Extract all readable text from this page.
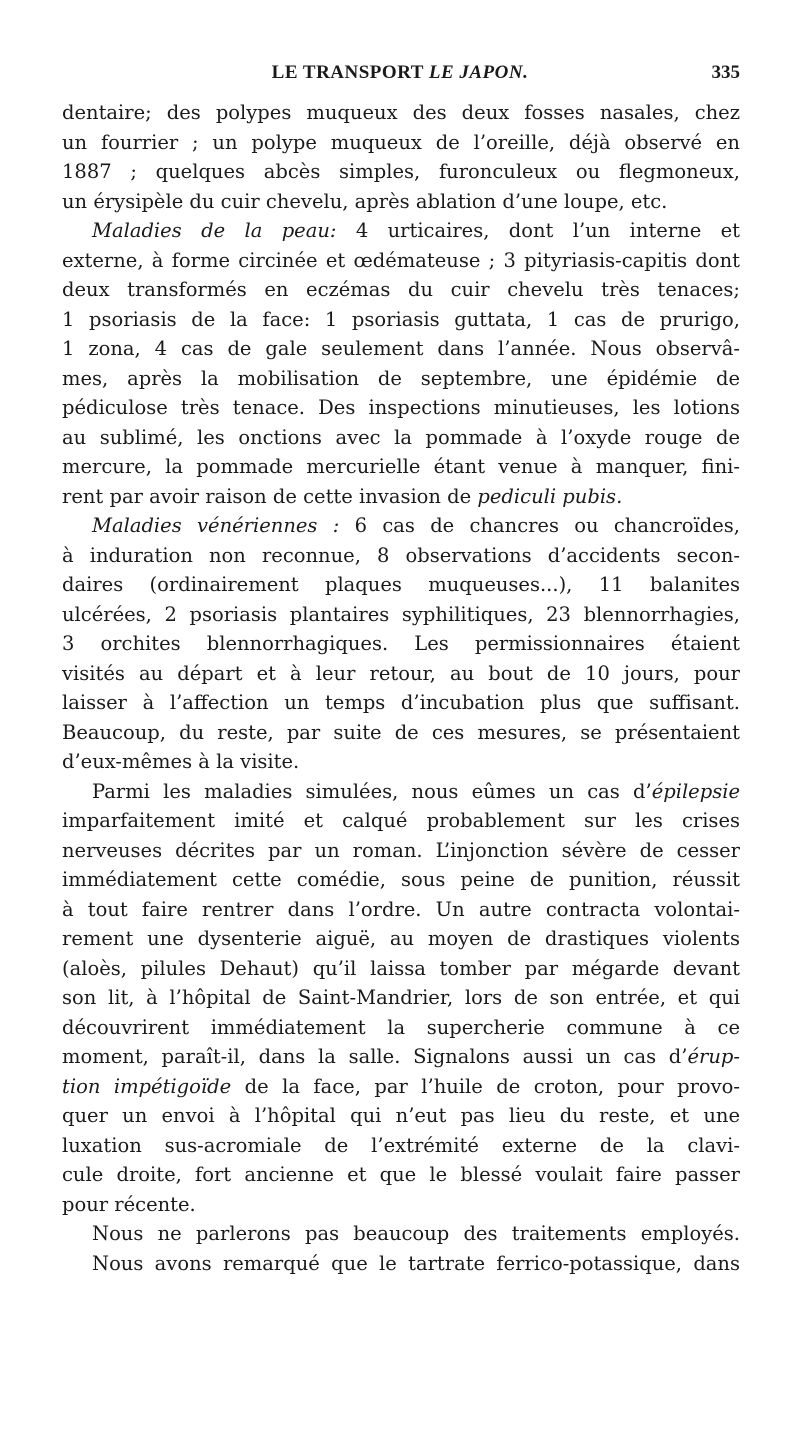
LE TRANSPORT LE JAPON.	335
dentaire; des polypes muqueux des deux fosses nasales, chez
un fourrier ; un polype muqueux de l’oreille, déjà observé en
1887 ; quelques abcès simples, furonculeux ou flegmoneux,
un érysipèle du cuir chevelu, après ablation d’une loupe, etc.
Maladies de la peau: 4 urticaires, dont l’un interne et
externe, à forme circinée et œdémateuse ; 3 pityriasis-capitis dont
deux transformés en eczémas du cuir chevelu très tenaces;
1 psoriasis de la face: 1 psoriasis guttata, 1 cas de prurigo,
1 zona, 4 cas de gale seulement dans l’année. Nous observâ-
mes, après la mobilisation de septembre, une épidémie de
pédiculose très tenace. Des inspections minutieuses, les lotions
au sublimé, les onctions avec la pommade à l’oxyde rouge de
mercure, la pommade mercurielle étant venue à manquer, fini-
rent par avoir raison de cette invasion de pediculi pubis.
Maladies vénériennes : 6 cas de chancres ou chancroïdes,
à induration non reconnue, 8 observations d’accidents secon-
daires (ordinairement plaques muqueuses...), 11 balanites
ulcérées, 2 psoriasis plantaires syphilitiques, 23 blennorrhagies,
3 orchites blennorrhagiques. Les permissionnaires étaient
visités au départ et à leur retour, au bout de 10 jours, pour
laisser à l’affection un temps d’incubation plus que suffisant.
Beaucoup, du reste, par suite de ces mesures, se présentaient
d’eux-mêmes à la visite.
Parmi les maladies simulées, nous eûmes un cas d’épilepsie
imparfaitement imité et calqué probablement sur les crises
nerveuses décrites par un roman. L’injonction sévère de cesser
immédiatement cette comédie, sous peine de punition, réussit
à tout faire rentrer dans l’ordre. Un autre contracta volontai-
rement une dysenterie aiguë, au moyen de drastiques violents
(aloès, pilules Dehaut) qu’il laissa tomber par mégarde devant
son lit, à l’hôpital de Saint-Mandrier, lors de son entrée, et qui
découvrirent immédiatement la supercherie commune à ce
moment, paraît-il, dans la salle. Signalons aussi un cas d’érup-
tion impétigoïde de la face, par l’huile de croton, pour provo-
quer un envoi à l’hôpital qui n’eut pas lieu du reste, et une
luxation sus-acromiale de l’extrémité externe de la clavi-
cule droite, fort ancienne et que le blessé voulait faire passer
pour récente.
Nous ne parlerons pas beaucoup des traitements employés.
Nous avons remarqué que le tartrate ferrico-potassique, dans
